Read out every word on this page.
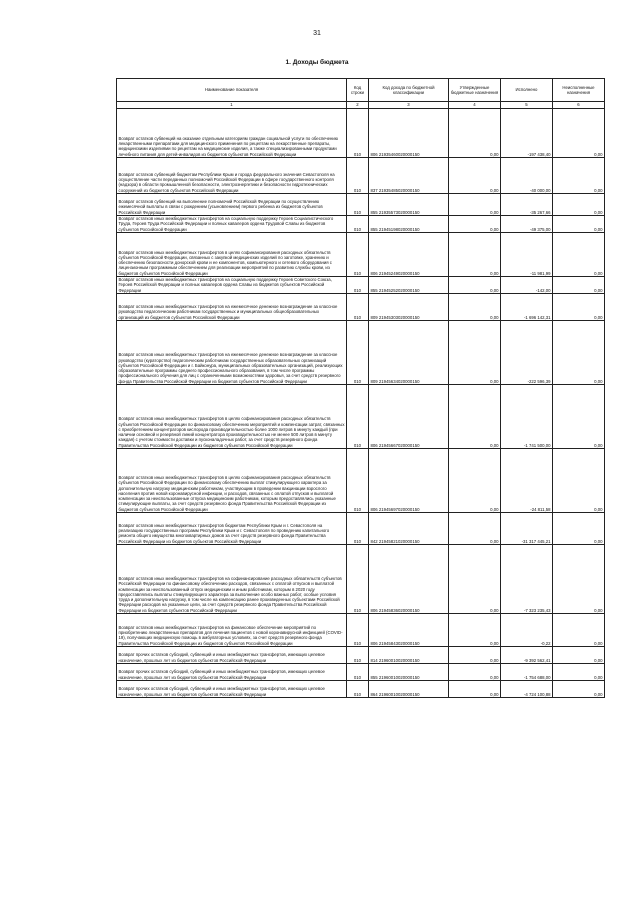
31
1. Доходы бюджета
Наименование показателя	Код строки	Код дохода по бюджетной классификации	Утвержденные бюджетные назначения	Исполнено	Неисполненные назначения
1	2	3	4	5	6
Возврат остатков субвенций на оказание отдельным категориям граждан социальной услуги по обеспечению лекарственными препаратами для медицинского применения по рецептам на лекарственные препараты, медицинскими изделиями по рецептам на медицинские изделия, а также специализированными продуктами лечебного питания для детей-инвалидов из бюджетов субъектов Российской Федерации	010	806 21935460020000150	0,00	-197 438,40	0,00
Возврат остатков субвенций бюджетам Республики Крым и города федерального значения Севастополя на осуществление части переданных полномочий Российской Федерации в сфере государственного контроля (надзора) в области промышленной безопасности, электроэнергетики и безопасности гидротехнических сооружений из бюджетов субъектов Российской Федерации	010	837 21935485020000150	0,00	-40 000,00	0,00
Возврат остатков субвенций на выполнение полномочий Российской Федерации по осуществлению ежемесячной выплаты в связи с рождением (усыновлением) первого ребенка из бюджетов субъектов Российской Федерации	010	855 21935573020000150	0,00	-35 267,66	0,00
Возврат остатков иных межбюджетных трансфертов на социальную поддержку Героев Социалистического Труда, Героев Труда Российской Федерации и полных кавалеров ордена Трудовой Славы из бюджетов субъектов Российской Федерации	010	855 21945198020000150	0,00	-49 375,00	0,00
Возврат остатков иных межбюджетных трансфертов в целях софинансирования расходных обязательств субъектов Российской Федерации, связанных с закупкой медицинских изделий по заготовке, хранению и обеспечению безопасности донорской крови и ее компонентов, компьютерного и сетевого оборудования с лицензионным программным обеспечением для реализации мероприятий по развитию службы крови, из бюджетов субъектов Российской Федерации	010	806 21945249020000150	0,00	-11 981,99	0,00
Возврат остатков иных межбюджетных трансфертов на социальную поддержку Героев Советского Союза, Героев Российской Федерации и полных кавалеров ордена Славы из бюджетов субъектов Российской Федерации	010	855 21945252020000150	0,00	-142,00	0,00
Возврат остатков иных межбюджетных трансфертов на ежемесячное денежное вознаграждение за классное руководство педагогическим работникам государственных и муниципальных общеобразовательных организаций из бюджетов субъектов Российской Федерации	010	809 21945303020000150	0,00	-1 696 142,31	0,00
Возврат остатков иных межбюджетных трансфертов на ежемесячное денежное вознаграждение за классное руководство (кураторство) педагогическим работникам государственных образовательных организаций субъектов Российской Федерации и г. Байконура, муниципальных образовательных организаций, реализующих образовательные программы среднего профессионального образования, в том числе программы профессионального обучения для лиц с ограниченными возможностями здоровья, за счет средств резервного фонда Правительства Российской Федерации из бюджетов субъектов Российской Федерации	010	809 21945634020000150	0,00	-222 596,39	0,00
Возврат остатков иных межбюджетных трансфертов в целях софинансирования расходных обязательств субъектов Российской Федерации по финансовому обеспечению мероприятий и компенсации затрат, связанных с приобретением концентраторов кислорода производительностью более 1000 литров в минуту каждый (при наличии основной и резервной линий концентратора производительностью не менее 500 литров в минуту каждая) с учетом стоимости доставки и пусконаладочных работ, за счет средств резервного фонда Правительства Российской Федерации из бюджетов субъектов Российской Федерации	010	806 21945667020000150	0,00	-1 741 500,00	0,00
Возврат остатков иных межбюджетных трансфертов в целях софинансирования расходных обязательств субъектов Российской Федерации по финансовому обеспечению выплат стимулирующего характера за дополнительную нагрузку медицинским работникам, участвующим в проведении вакцинации взрослого населения против новой коронавирусной инфекции, и расходов, связанных с оплатой отпусков и выплатой компенсации за неиспользованные отпуска медицинским работникам, которым предоставлялись указанные стимулирующие выплаты, за счет средств резервного фонда Правительства Российской Федерации из бюджетов субъектов Российской Федерации	010	806 21945697020000150	0,00	-24 811,58	0,00
Возврат остатков иных межбюджетных трансфертов бюджетам Республики Крым и г. Севастополя на реализацию государственных программ Республики Крым и г. Севастополя по проведению капитального ремонта общего имущества многоквартирных домов за счет средств резервного фонда Правительства Российской Федерации из бюджетов субъектов Российской Федерации	010	842 21945821020000150	0,00	-31 317 445,21	0,00
Возврат остатков иных межбюджетных трансфертов на софинансирование расходных обязательств субъектов Российской Федерации по финансовому обеспечению расходов, связанных с оплатой отпусков и выплатой компенсации за неиспользованный отпуск медицинским и иным работникам, которым в 2020 году предоставлялись выплаты стимулирующего характера за выполнение особо важных работ, особые условия труда и дополнительную нагрузку, в том числе на компенсацию ранее произведенных субъектами Российской Федерации расходов на указанные цели, за счет средств резервного фонда Правительства Российской Федерации из бюджетов субъектов Российской Федерации	010	806 21945836020000150	0,00	-7 323 235,43	0,00
Возврат остатков иных межбюджетных трансфертов на финансовое обеспечение мероприятий по приобретению лекарственных препаратов для лечения пациентов с новой коронавирусной инфекцией (COVID-19), получающих медицинскую помощь в амбулаторных условиях, за счет средств резервного фонда Правительства Российской Федерации из бюджетов субъектов Российской Федерации	010	806 21945843020000150	0,00	-0,22	0,00
Возврат прочих остатков субсидий, субвенций и иных межбюджетных трансфертов, имеющих целевое назначение, прошлых лет из бюджетов субъектов Российской Федерации	010	814 21960010020000150	0,00	-9 392 562,41	0,00
Возврат прочих остатков субсидий, субвенций и иных межбюджетных трансфертов, имеющих целевое назначение, прошлых лет из бюджетов субъектов Российской Федерации	010	855 21960010020000150	0,00	-1 754 688,00	0,00
Возврат прочих остатков субсидий, субвенций и иных межбюджетных трансфертов, имеющих целевое назначение, прошлых лет из бюджетов субъектов Российской Федерации	010	864 21960010020000150	0,00	-4 724 100,88	0,00
